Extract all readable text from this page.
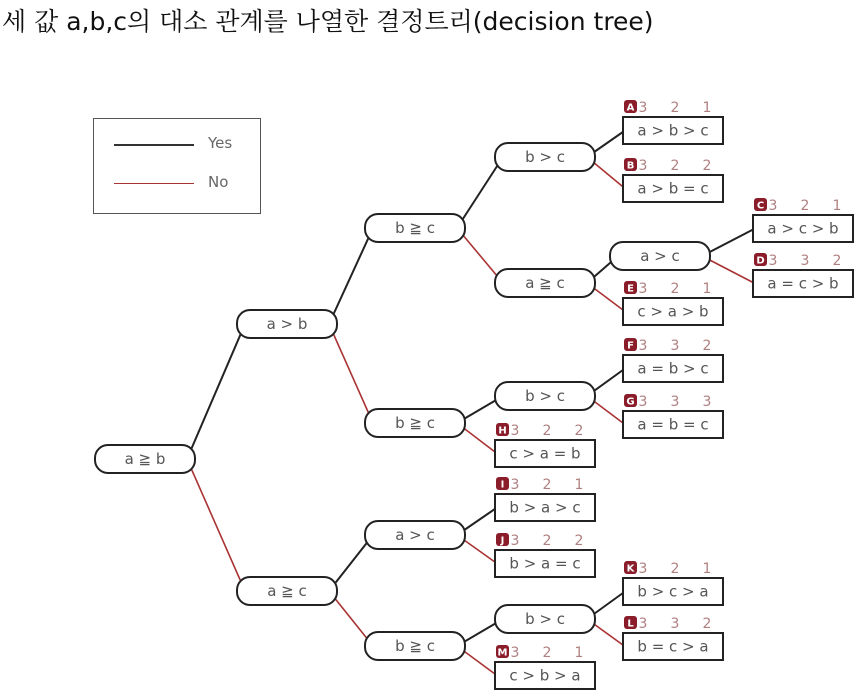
세 값 a,b,c의 대소 관계를 나열한 결정트리(decision tree)
Yes
No
a ≧ b
a > b
a ≧ c
b ≧ c
b ≧ c
b > c
a ≧ c
a > c
b > c
a > c
b ≧ c
b > c
A 3 2 1
a > b > c
B 3 2 2
a > b = c
C 3 2 1
a > c > b
D 3 3 2
a = c > b
E 3 2 1
c > a > b
F 3 3 2
a = b > c
G 3 3 3
a = b = c
H 3 2 2
c > a = b
I 3 2 1
b > a > c
J 3 2 2
b > a = c	K 3 2 1
b > c > a
L 3 3 2
b = c > a
M 3 2 1
c > b > a
